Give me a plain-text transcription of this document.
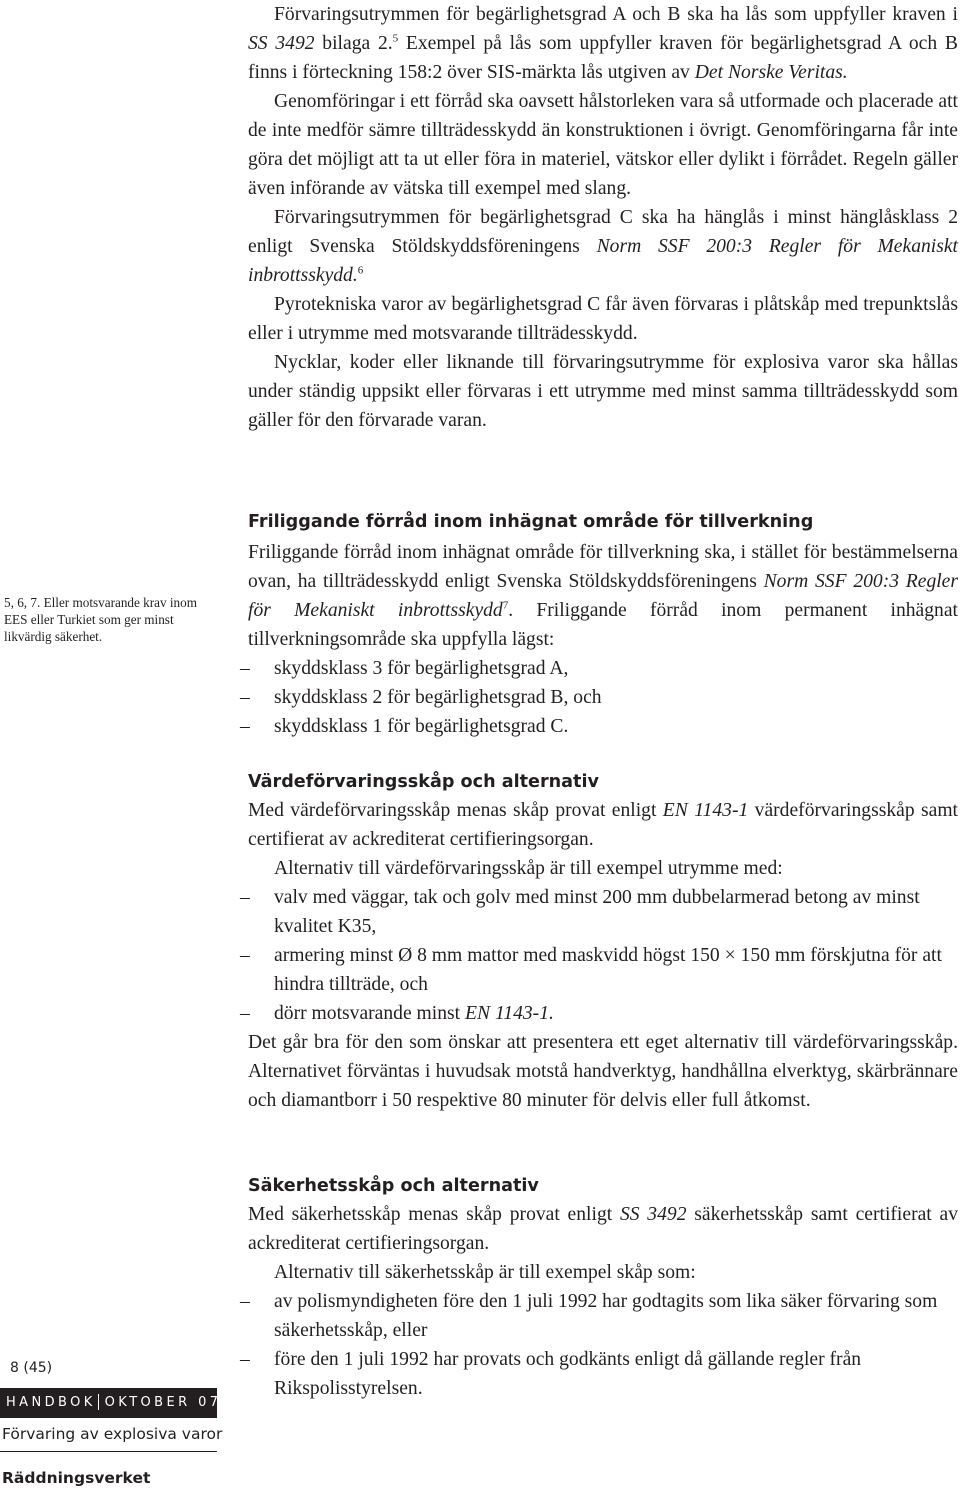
Förvaringsutrymmen för begärlighetsgrad A och B ska ha lås som uppfyller kraven i SS 3492 bilaga 2.$^5$ Exempel på lås som uppfyller kraven för begärlighetsgrad A och B finns i förteckning 158:2 över SIS-märkta lås utgiven av Det Norske Veritas.

Genomföringar i ett förråd ska oavsett hålstorleken vara så utformade och placerade att de inte medför sämre tillträdesskydd än konstruktionen i övrigt. Genomföringarna får inte göra det möjligt att ta ut eller föra in materiel, vätskor eller dylikt i förrådet. Regeln gäller även införande av vätska till exempel med slang.

Förvaringsutrymmen för begärlighetsgrad C ska ha hänglås i minst hänglåsklass 2 enligt Svenska Stöldskyddsföreningens Norm SSF 200:3 Regler för Mekaniskt inbrottsskydd.$^6$

Pyrotekniska varor av begärlighetsgrad C får även förvaras i plåtskåp med trepunktslås eller i utrymme med motsvarande tillträdesskydd.

Nycklar, koder eller liknande till förvaringsutrymme för explosiva varor ska hållas under ständig uppsikt eller förvaras i ett utrymme med minst samma tillträdesskydd som gäller för den förvarade varan.

Friliggande förråd inom inhägnat område för tillverkning

Friliggande förråd inom inhägnat område för tillverkning ska, i stället för bestämmelserna ovan, ha tillträdesskydd enligt Svenska Stöldskyddsföreningens Norm SSF 200:3 Regler för Mekaniskt inbrottsskydd$^7$. Friliggande förråd inom permanent inhägnat tillverkningsområde ska uppfylla lägst:

– skyddsklass 3 för begärlighetsgrad A,

– skyddsklass 2 för begärlighetsgrad B, och

– skyddsklass 1 för begärlighetsgrad C.

Värdeförvaringsskåp och alternativ

Med värdeförvaringsskåp menas skåp provat enligt EN 1143-1 värdeförvaringsskåp samt certifierat av ackrediterat certifieringsorgan.

Alternativ till värdeförvaringsskåp är till exempel utrymme med:

– valv med väggar, tak och golv med minst 200 mm dubbelarmerad betong av minst kvalitet K35,

– armering minst Ø 8 mm mattor med maskvidd högst 150 × 150 mm förskjutna för att hindra tillträde, och

– dörr motsvarande minst EN 1143-1.

Det går bra för den som önskar att presentera ett eget alternativ till värdeförvaringsskåp. Alternativet förväntas i huvudsak motstå handverktyg, handhållna elverktyg, skärbrännare och diamantborr i 50 respektive 80 minuter för delvis eller full åtkomst.

Säkerhetsskåp och alternativ

Med säkerhetsskåp menas skåp provat enligt SS 3492 säkerhetsskåp samt certifierat av ackrediterat certifieringsorgan.

Alternativ till säkerhetsskåp är till exempel skåp som:

– av polismyndigheten före den 1 juli 1992 har godtagits som lika säker förvaring som säkerhetsskåp, eller

– före den 1 juli 1992 har provats och godkänts enligt då gällande regler från Rikspolisstyrelsen.

5, 6, 7. Eller motsvarande krav inom EES eller Turkiet som ger minst likvärdig säkerhet.
8 (45)
HANDBOK OKTOBER 07
Förvaring av explosiva varor
Räddningsverket
